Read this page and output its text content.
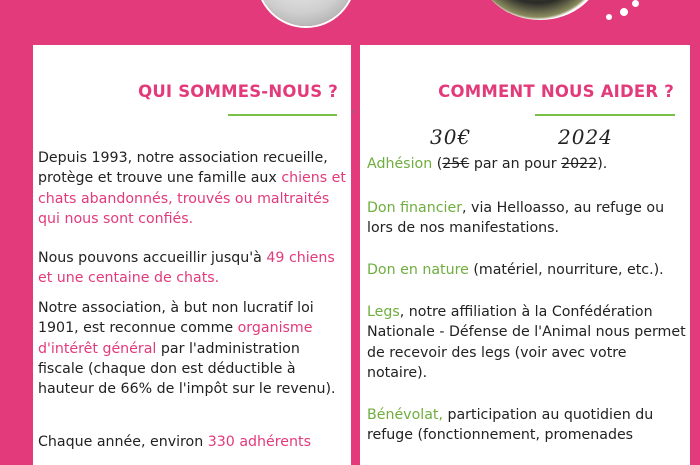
QUI SOMMES-NOUS ?
›
Depuis 1993, notre association recueille, protège et trouve une famille aux chiens et chats abandonnés, trouvés ou maltraités qui nous sont confiés.
Nous pouvons accueillir jusqu'à 49 chiens et une centaine de chats.
Notre association, à but non lucratif loi 1901, est reconnue comme organisme d'intérêt général par l'administration fiscale (chaque don est déductible à hauteur de 66% de l'impôt sur le revenu).
Chaque année, environ 330 adhérents
COMMENT NOUS AIDER ?
30€	2024
Adhésion (25€ par an pour 2022).
Don financier, via Helloasso, au refuge ou lors de nos manifestations.
Don en nature (matériel, nourriture, etc.).
Legs, notre affiliation à la Confédération Nationale - Défense de l'Animal nous permet de recevoir des legs (voir avec votre notaire).
Bénévolat, participation au quotidien du refuge (fonctionnement, promenades
